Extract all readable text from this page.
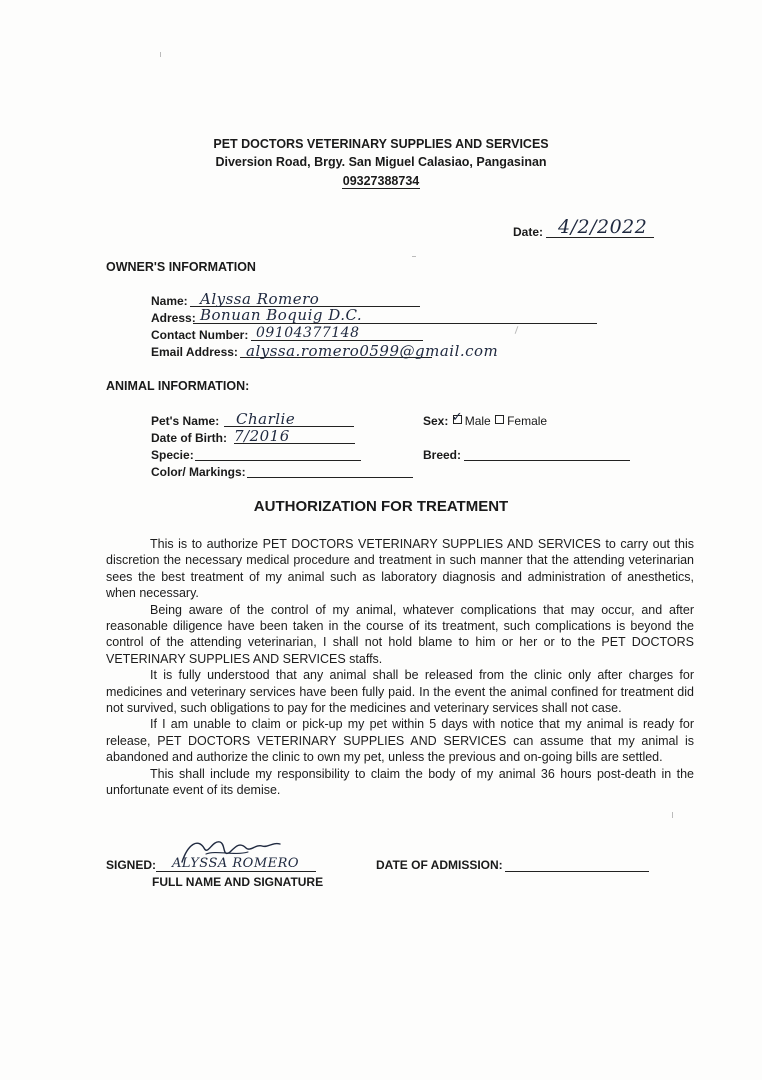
PET DOCTORS VETERINARY SUPPLIES AND SERVICES
Diversion Road, Brgy. San Miguel Calasiao, Pangasinan
09327388734
Date: 4/2/2022
OWNER'S INFORMATION
Name: Alyssa Romero
Adress: Bonuan Boquig D.C.
Contact Number: 09104377148
Email Address: alyssa.romero0599@gmail.com
ANIMAL INFORMATION:
Pet's Name: Charlie
Date of Birth: 7/2016
Specie:
Color/ Markings:
Sex: ✓ Male Female
Breed:
AUTHORIZATION FOR TREATMENT

This is to authorize PET DOCTORS VETERINARY SUPPLIES AND SERVICES to carry out this discretion the necessary medical procedure and treatment in such manner that the attending veterinarian sees the best treatment of my animal such as laboratory diagnosis and administration of anesthetics, when necessary.

Being aware of the control of my animal, whatever complications that may occur, and after reasonable diligence have been taken in the course of its treatment, such complications is beyond the control of the attending veterinarian, I shall not hold blame to him or her or to the PET DOCTORS VETERINARY SUPPLIES AND SERVICES staffs.

It is fully understood that any animal shall be released from the clinic only after charges for medicines and veterinary services have been fully paid. In the event the animal confined for treatment did not survived, such obligations to pay for the medicines and veterinary services shall not case.

If I am unable to claim or pick-up my pet within 5 days with notice that my animal is ready for release, PET DOCTORS VETERINARY SUPPLIES AND SERVICES can assume that my animal is abandoned and authorize the clinic to own my pet, unless the previous and on-going bills are settled.

This shall include my responsibility to claim the body of my animal 36 hours post-death in the unfortunate event of its demise.

SIGNED: ALYSSA ROMERO
FULL NAME AND SIGNATURE
DATE OF ADMISSION:
